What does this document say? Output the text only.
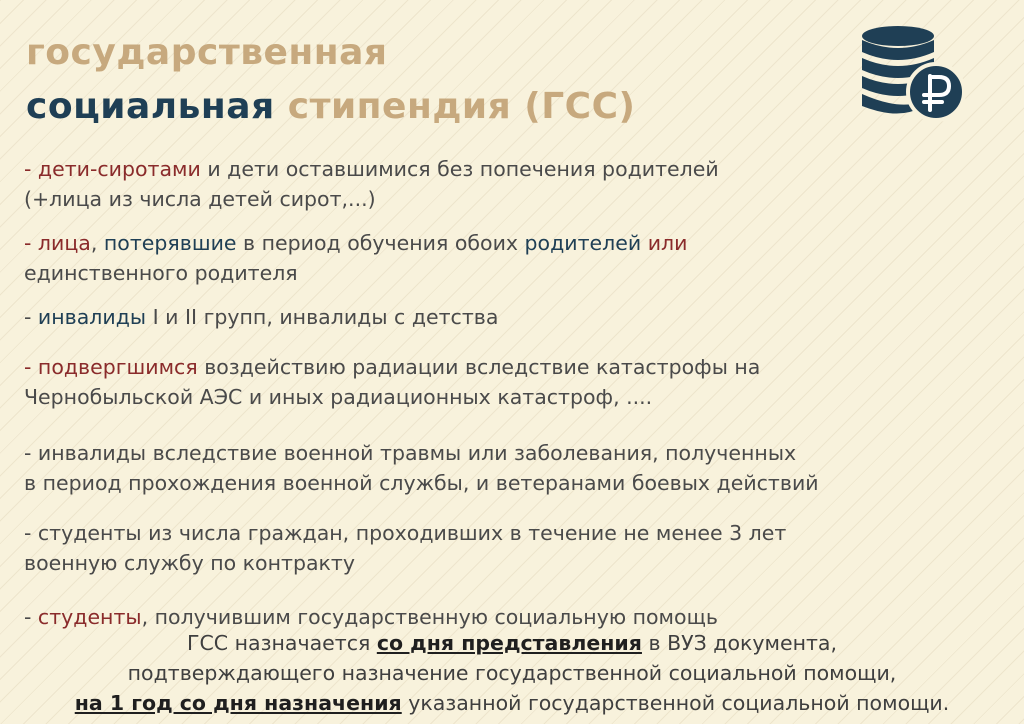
государственная
социальная стипендия (ГСС)
- дети-сиротами и дети оставшимися без попечения родителей
(+лица из числа детей сирот,...)
- лица, потерявшие в период обучения обоих родителей или
единственного родителя
- инвалиды I и II групп, инвалиды с детства
- подвергшимся воздействию радиации вследствие катастрофы на
Чернобыльской АЭС и иных радиационных катастроф, ....
- инвалиды вследствие военной травмы или заболевания, полученных
в период прохождения военной службы, и ветеранами боевых действий
- студенты из числа граждан, проходивших в течение не менее 3 лет
военную службу по контракту
- студенты, получившим государственную социальную помощь
ГСС назначается со дня представления в ВУЗ документа,
подтверждающего назначение государственной социальной помощи,
на 1 год со дня назначения указанной государственной социальной помощи.
